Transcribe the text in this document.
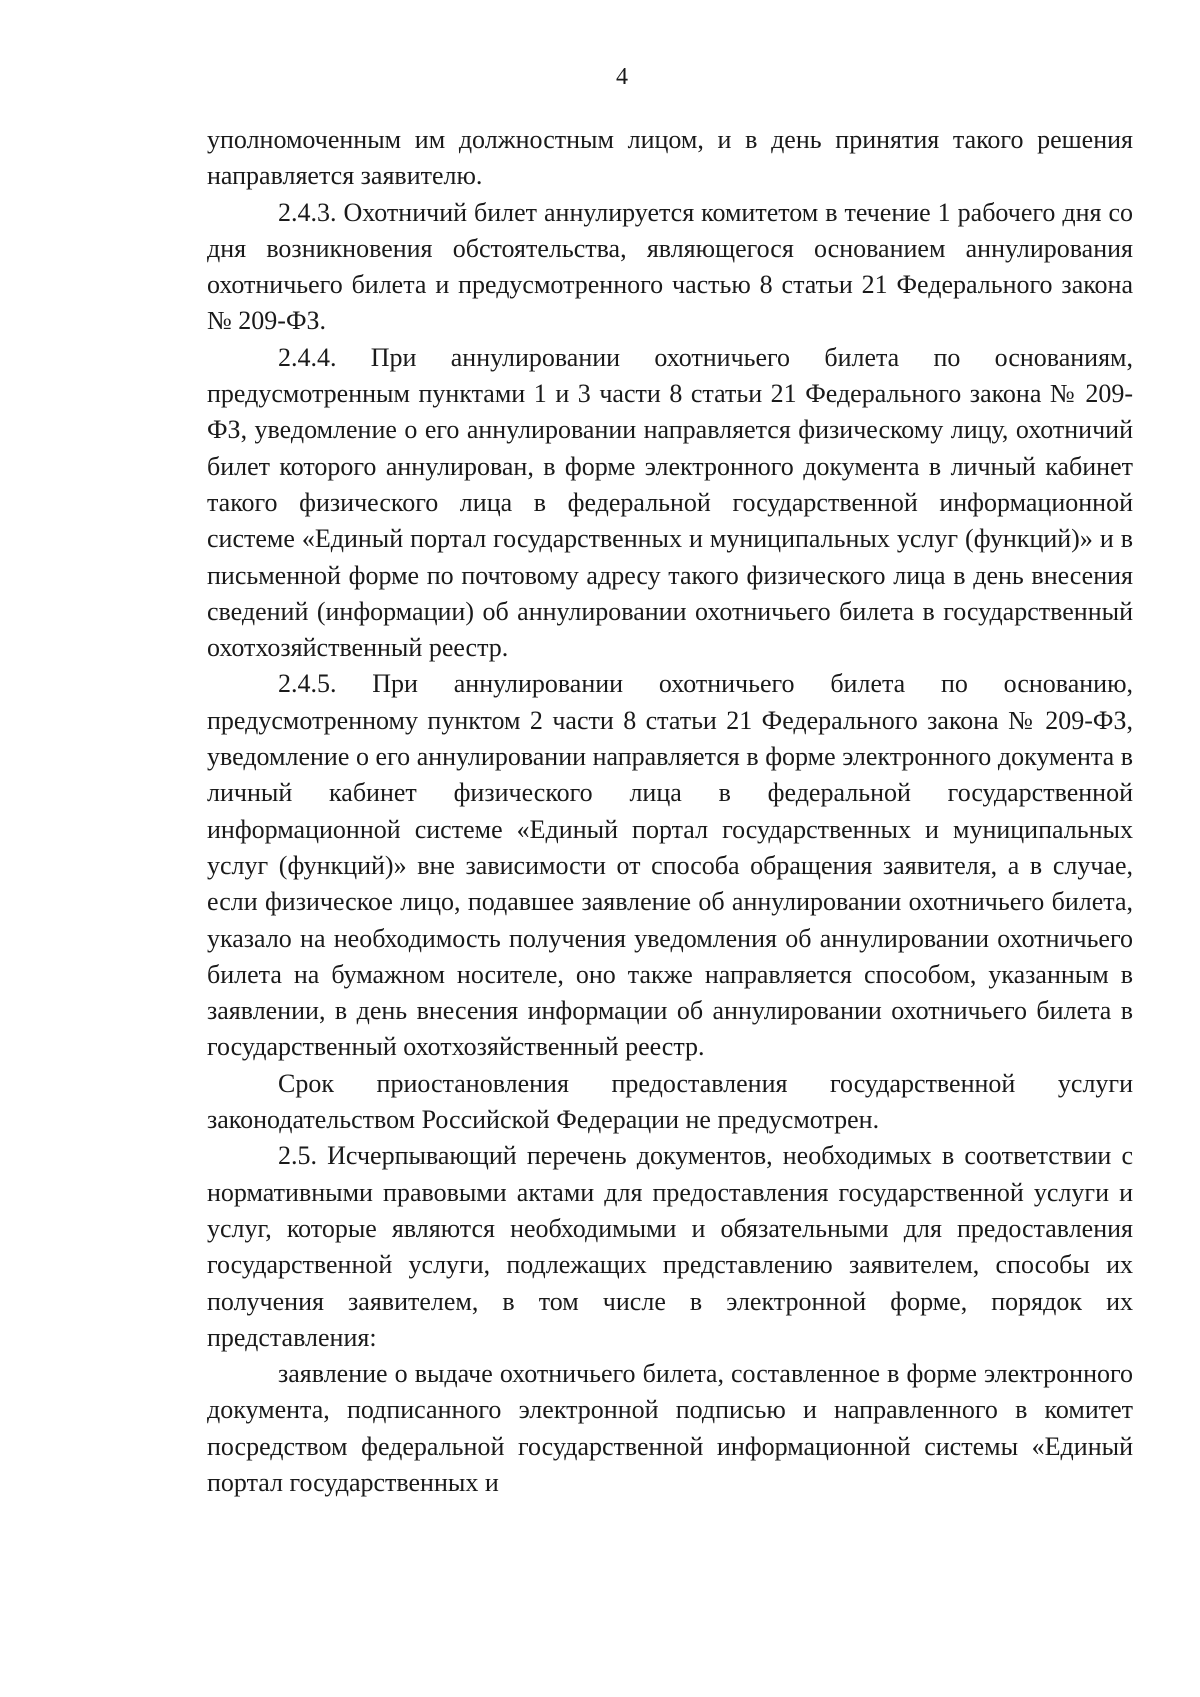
4

уполномоченным им должностным лицом, и в день принятия такого решения направляется заявителю.

2.4.3. Охотничий билет аннулируется комитетом в течение 1 рабочего дня со дня возникновения обстоятельства, являющегося основанием аннулирования охотничьего билета и предусмотренного частью 8 статьи 21 Федерального закона № 209-ФЗ.

2.4.4. При аннулировании охотничьего билета по основаниям, предусмотренным пунктами 1 и 3 части 8 статьи 21 Федерального закона № 209-ФЗ, уведомление о его аннулировании направляется физическому лицу, охотничий билет которого аннулирован, в форме электронного документа в личный кабинет такого физического лица в федеральной государственной информационной системе «Единый портал государственных и муниципальных услуг (функций)» и в письменной форме по почтовому адресу такого физического лица в день внесения сведений (информации) об аннулировании охотничьего билета в государственный охотхозяйственный реестр.

2.4.5. При аннулировании охотничьего билета по основанию, предусмотренному пунктом 2 части 8 статьи 21 Федерального закона № 209-ФЗ, уведомление о его аннулировании направляется в форме электронного документа в личный кабинет физического лица в федеральной государственной информационной системе «Единый портал государственных и муниципальных услуг (функций)» вне зависимости от способа обращения заявителя, а в случае, если физическое лицо, подавшее заявление об аннулировании охотничьего билета, указало на необходимость получения уведомления об аннулировании охотничьего билета на бумажном носителе, оно также направляется способом, указанным в заявлении, в день внесения информации об аннулировании охотничьего билета в государственный охотхозяйственный реестр.

Срок приостановления предоставления государственной услуги законодательством Российской Федерации не предусмотрен.

2.5. Исчерпывающий перечень документов, необходимых в соответствии с нормативными правовыми актами для предоставления государственной услуги и услуг, которые являются необходимыми и обязательными для предоставления государственной услуги, подлежащих представлению заявителем, способы их получения заявителем, в том числе в электронной форме, порядок их представления:

заявление о выдаче охотничьего билета, составленное в форме электронного документа, подписанного электронной подписью и направленного в комитет посредством федеральной государственной информационной системы «Единый портал государственных и
